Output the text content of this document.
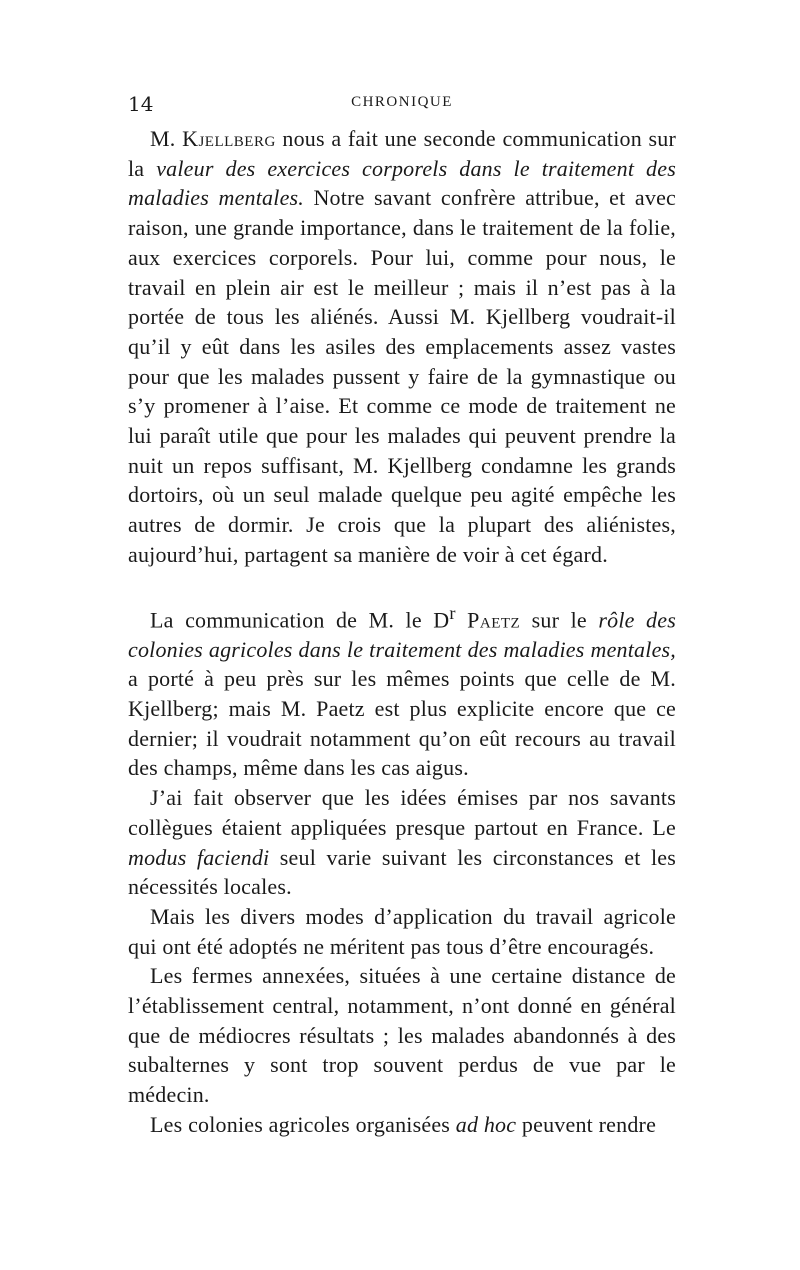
14	CHRONIQUE

M. Kjellberg nous a fait une seconde communication sur la valeur des exercices corporels dans le traitement des maladies mentales. Notre savant confrère attribue, et avec raison, une grande importance, dans le traitement de la folie, aux exercices corporels. Pour lui, comme pour nous, le travail en plein air est le meilleur ; mais il n’est pas à la portée de tous les aliénés. Aussi M. Kjellberg voudrait-il qu’il y eût dans les asiles des emplacements assez vastes pour que les malades pussent y faire de la gymnastique ou s’y promener à l’aise. Et comme ce mode de traitement ne lui paraît utile que pour les malades qui peuvent prendre la nuit un repos suffisant, M. Kjellberg condamne les grands dortoirs, où un seul malade quelque peu agité empêche les autres de dormir. Je crois que la plupart des aliénistes, aujourd’hui, partagent sa manière de voir à cet égard.

La communication de M. le $D^r$ Paetz sur le rôle des colonies agricoles dans le traitement des maladies mentales, a porté à peu près sur les mêmes points que celle de M. Kjellberg; mais M. Paetz est plus explicite encore que ce dernier; il voudrait notamment qu’on eût recours au travail des champs, même dans les cas aigus.

J’ai fait observer que les idées émises par nos savants collègues étaient appliquées presque partout en France. Le modus faciendi seul varie suivant les circonstances et les nécessités locales.

Mais les divers modes d’application du travail agricole qui ont été adoptés ne méritent pas tous d’être encouragés.

Les fermes annexées, situées à une certaine distance de l’établissement central, notamment, n’ont donné en général que de médiocres résultats ; les malades abandonnés à des subalternes y sont trop souvent perdus de vue par le médecin.

Les colonies agricoles organisées ad hoc peuvent rendre
